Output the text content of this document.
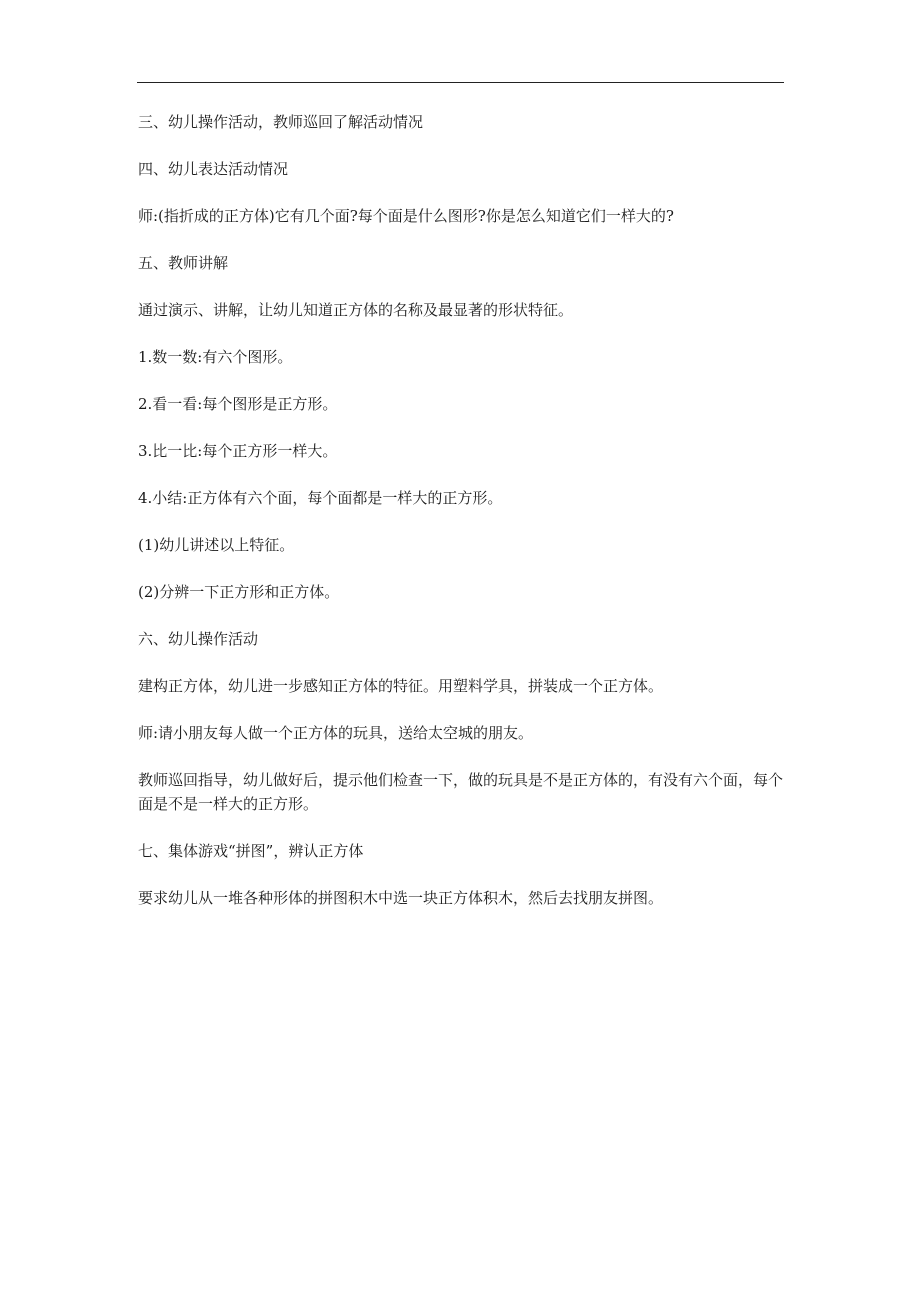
三、幼儿操作活动，教师巡回了解活动情况

四、幼儿表达活动情况

师:(指折成的正方体)它有几个面?每个面是什么图形?你是怎么知道它们一样大的?

五、教师讲解

通过演示、讲解，让幼儿知道正方体的名称及最显著的形状特征。

1.数一数:有六个图形。

2.看一看:每个图形是正方形。

3.比一比:每个正方形一样大。

4.小结:正方体有六个面，每个面都是一样大的正方形。

(1)幼儿讲述以上特征。

(2)分辨一下正方形和正方体。

六、幼儿操作活动

建构正方体，幼儿进一步感知正方体的特征。用塑料学具，拼装成一个正方体。

师:请小朋友每人做一个正方体的玩具，送给太空城的朋友。

教师巡回指导，幼儿做好后，提示他们检查一下，做的玩具是不是正方体的，有没有六个面，每个面是不是一样大的正方形。

七、集体游戏“拼图”，辨认正方体

要求幼儿从一堆各种形体的拼图积木中选一块正方体积木，然后去找朋友拼图。
